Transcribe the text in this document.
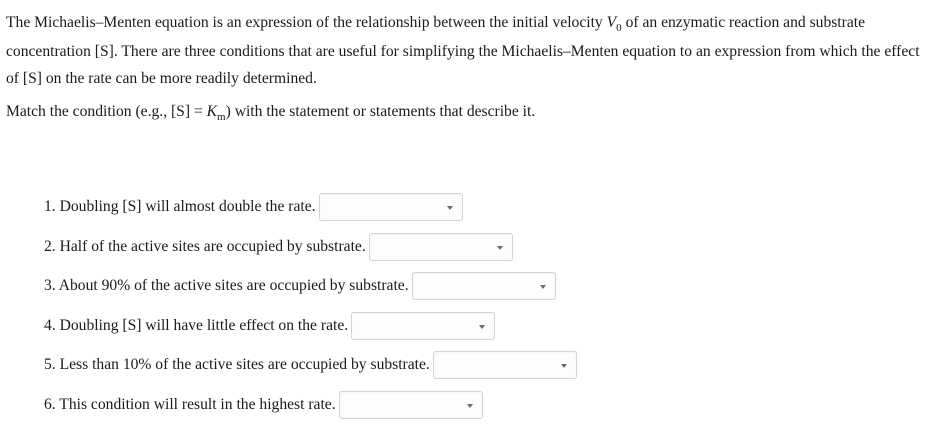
The Michaelis–Menten equation is an expression of the relationship between the initial velocity $V_0$ of an enzymatic reaction and substrate concentration [S]. There are three conditions that are useful for simplifying the Michaelis–Menten equation to an expression from which the effect of [S] on the rate can be more readily determined.

Match the condition (e.g., $[S] = K_m$) with the statement or statements that describe it.

1. Doubling [S] will almost double the rate.
2. Half of the active sites are occupied by substrate.
3. About 90% of the active sites are occupied by substrate.
4. Doubling [S] will have little effect on the rate.
5. Less than 10% of the active sites are occupied by substrate.
6. This condition will result in the highest rate.
